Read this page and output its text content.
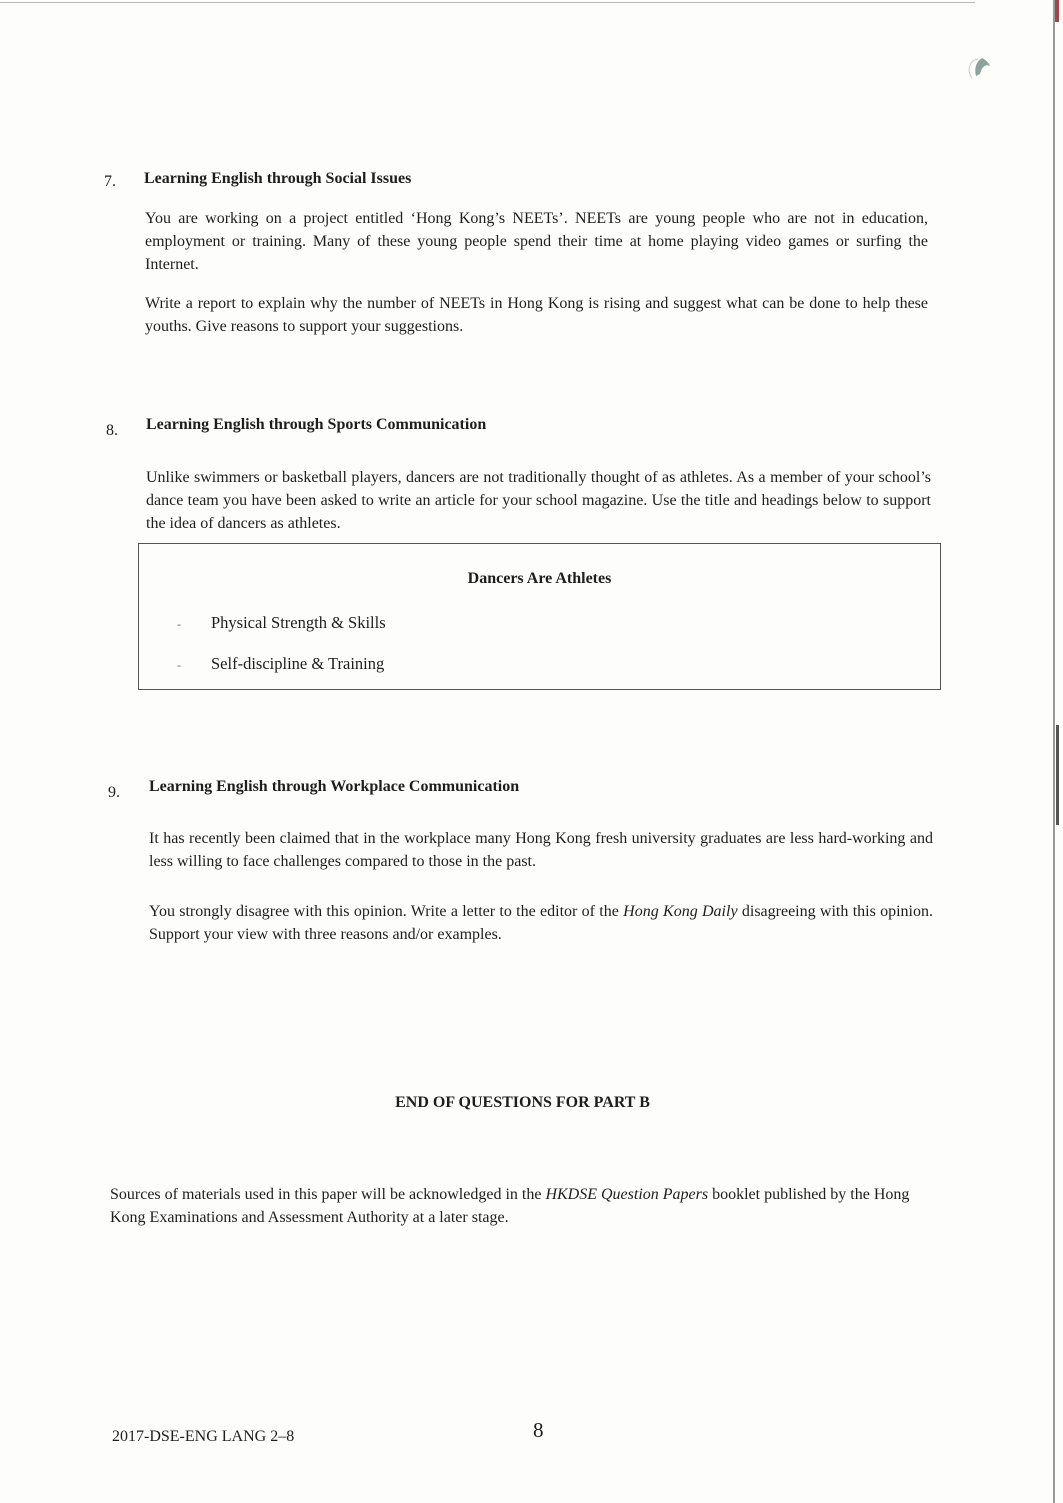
7. Learning English through Social Issues
You are working on a project entitled ‘Hong Kong’s NEETs’. NEETs are young people who are not in education, employment or training. Many of these young people spend their time at home playing video games or surfing the Internet.
Write a report to explain why the number of NEETs in Hong Kong is rising and suggest what can be done to help these youths. Give reasons to support your suggestions.
8. Learning English through Sports Communication
Unlike swimmers or basketball players, dancers are not traditionally thought of as athletes. As a member of your school’s dance team you have been asked to write an article for your school magazine. Use the title and headings below to support the idea of dancers as athletes.
Dancers Are Athletes
- Physical Strength & Skills
- Self-discipline & Training
9. Learning English through Workplace Communication
It has recently been claimed that in the workplace many Hong Kong fresh university graduates are less hard-working and less willing to face challenges compared to those in the past.
You strongly disagree with this opinion. Write a letter to the editor of the Hong Kong Daily disagreeing with this opinion. Support your view with three reasons and/or examples.
END OF QUESTIONS FOR PART B
Sources of materials used in this paper will be acknowledged in the HKDSE Question Papers booklet published by the Hong Kong Examinations and Assessment Authority at a later stage.
2017-DSE-ENG LANG 2–8	8
